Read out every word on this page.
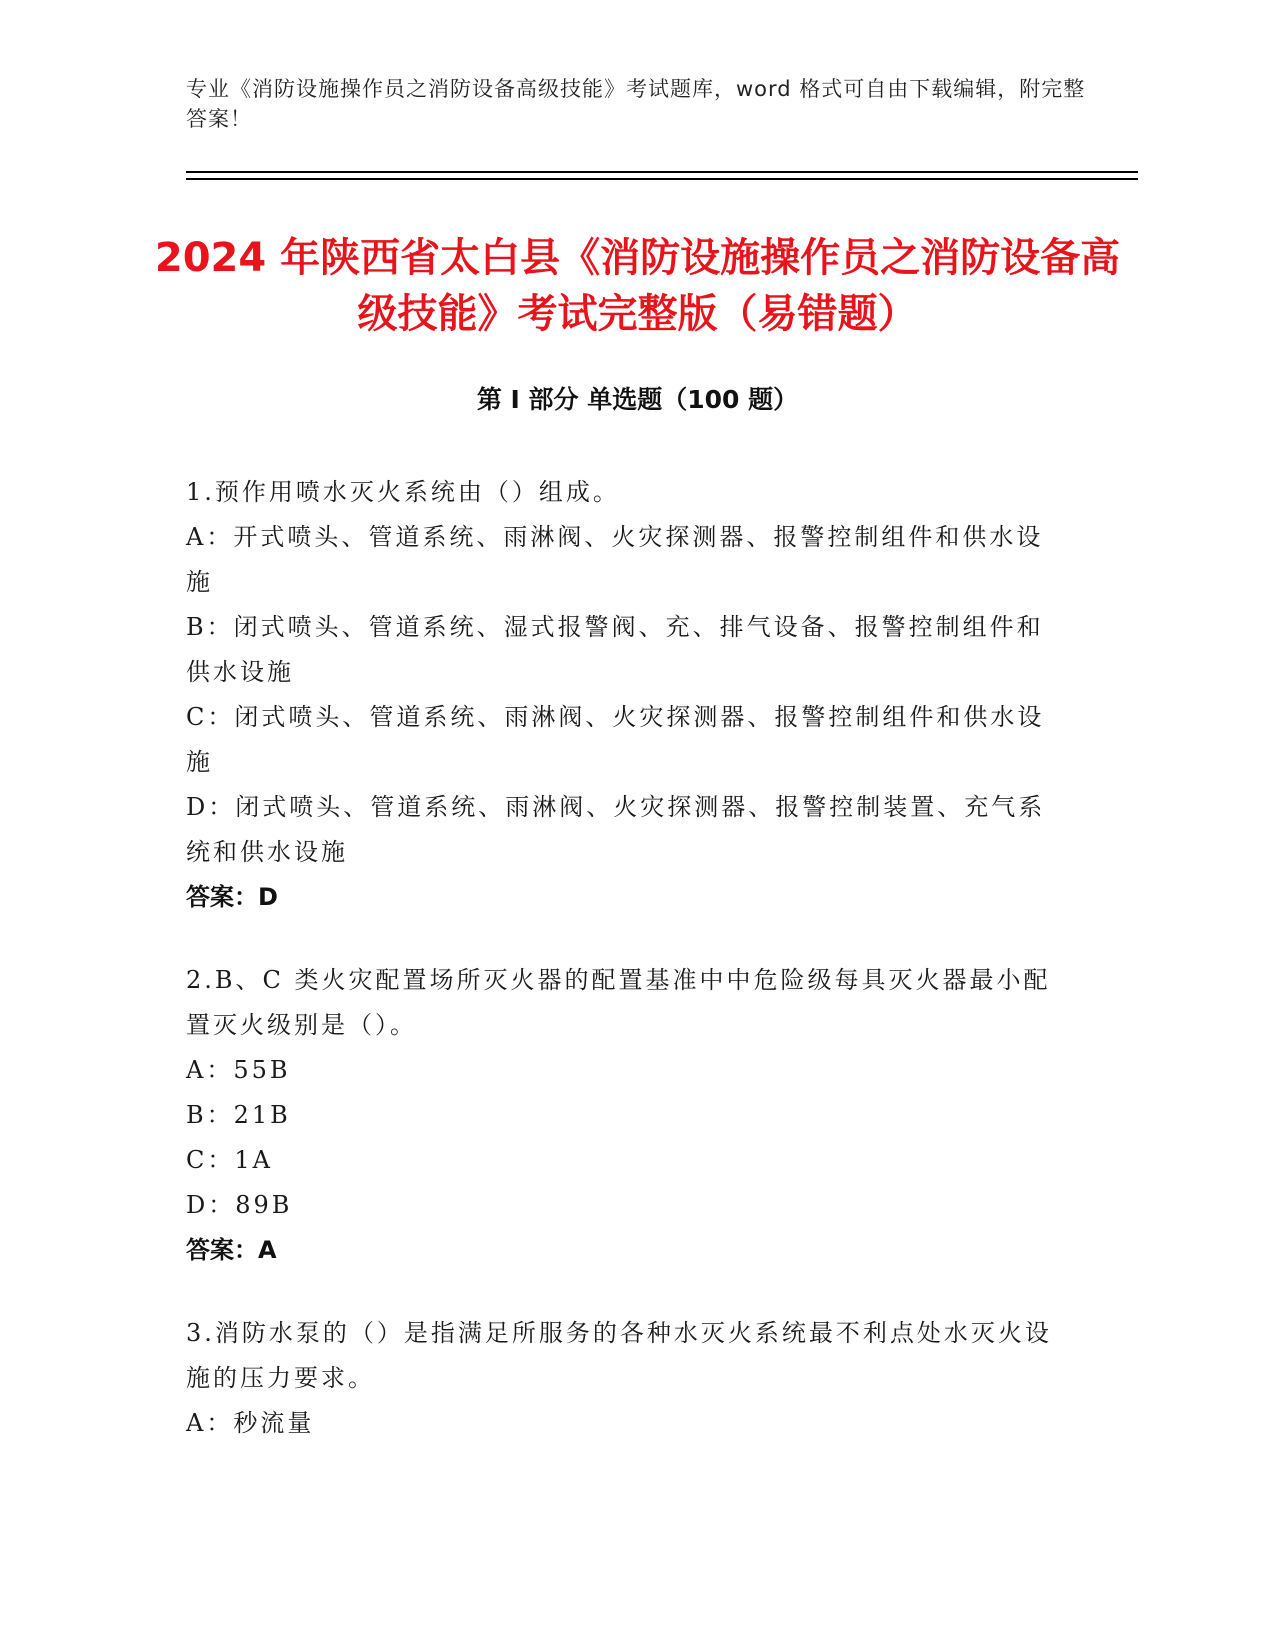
专业《消防设施操作员之消防设备高级技能》考试题库，word 格式可自由下载编辑，附完整答案！
2024 年陕西省太白县《消防设施操作员之消防设备高级技能》考试完整版（易错题）
第 I 部分 单选题（100 题）
1.预作用喷水灭火系统由（）组成。
A：开式喷头、管道系统、雨淋阀、火灾探测器、报警控制组件和供水设施
B：闭式喷头、管道系统、湿式报警阀、充、排气设备、报警控制组件和供水设施
C：闭式喷头、管道系统、雨淋阀、火灾探测器、报警控制组件和供水设施
D：闭式喷头、管道系统、雨淋阀、火灾探测器、报警控制装置、充气系统和供水设施
答案：D
2.B、C 类火灾配置场所灭火器的配置基准中中危险级每具灭火器最小配置灭火级别是（）。
A：55B
B：21B
C：1A
D：89B
答案：A
3.消防水泵的（）是指满足所服务的各种水灭火系统最不利点处水灭火设施的压力要求。
A：秒流量
